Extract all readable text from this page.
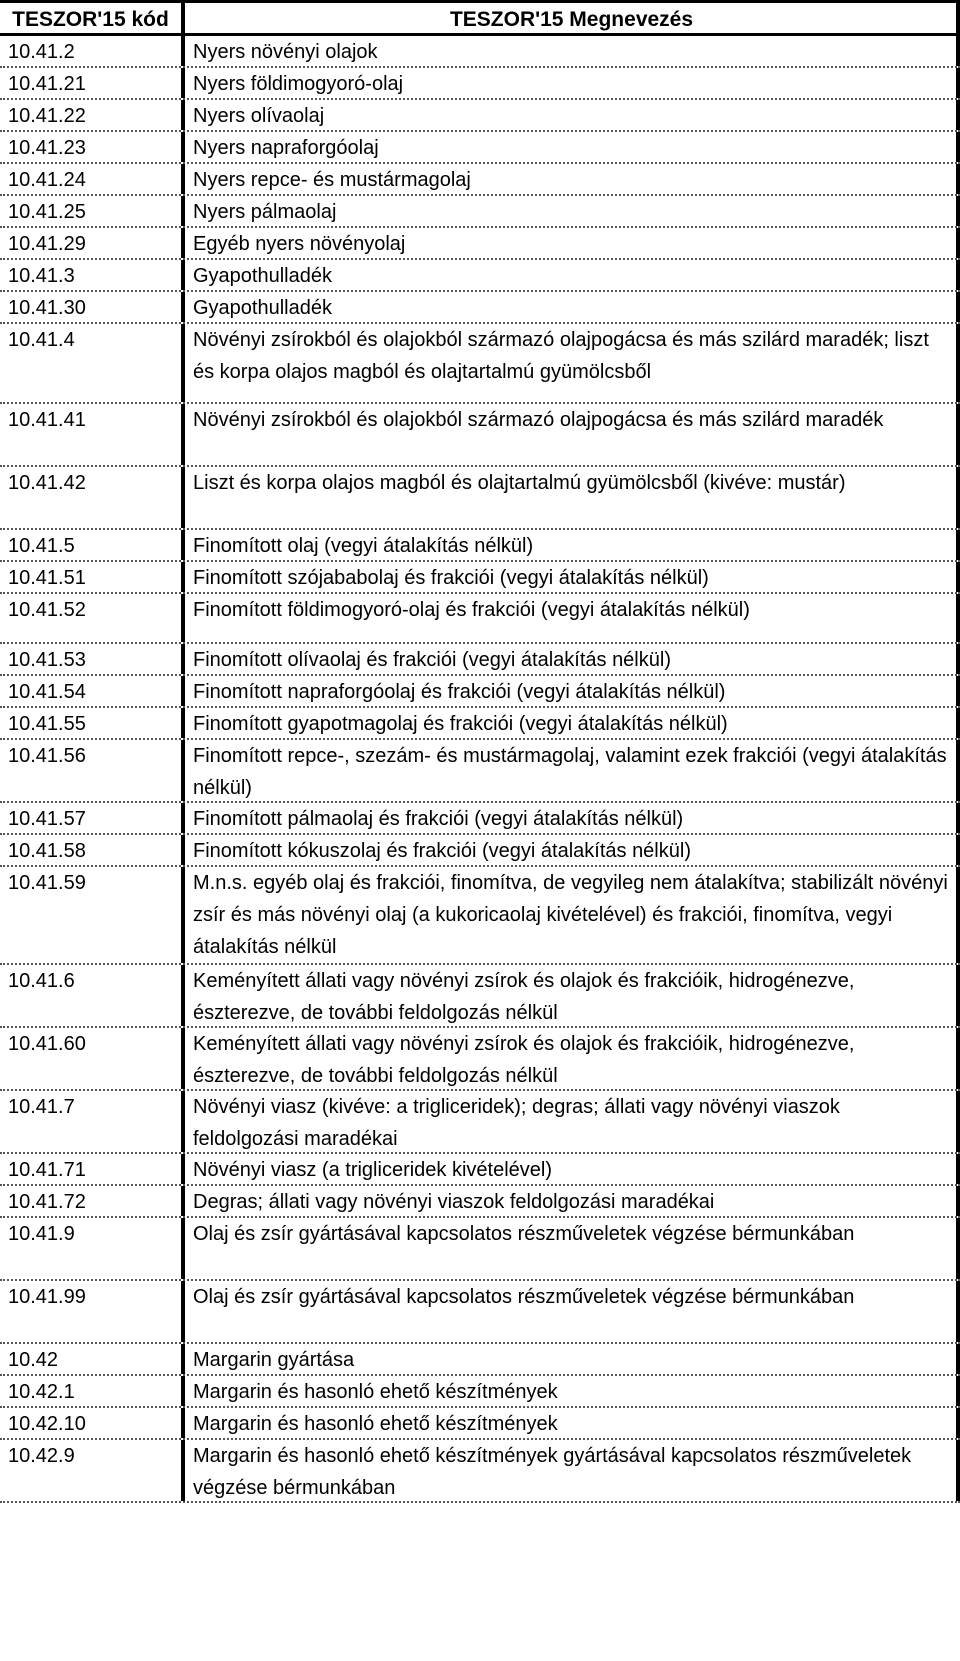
TESZOR'15 kód	TESZOR'15 Megnevezés
10.41.2	Nyers növényi olajok
10.41.21	Nyers földimogyoró-olaj
10.41.22	Nyers olívaolaj
10.41.23	Nyers napraforgóolaj
10.41.24	Nyers repce- és mustármagolaj
10.41.25	Nyers pálmaolaj
10.41.29	Egyéb nyers növényolaj
10.41.3	Gyapothulladék
10.41.30	Gyapothulladék
10.41.4	Növényi zsírokból és olajokból származó olajpogácsa és más szilárd maradék; liszt és korpa olajos magból és olajtartalmú gyümölcsből
10.41.41	Növényi zsírokból és olajokból származó olajpogácsa és más szilárd maradék
10.41.42	Liszt és korpa olajos magból és olajtartalmú gyümölcsből (kivéve: mustár)
10.41.5	Finomított olaj (vegyi átalakítás nélkül)
10.41.51	Finomított szójababolaj és frakciói (vegyi átalakítás nélkül)
10.41.52	Finomított földimogyoró-olaj és frakciói (vegyi átalakítás nélkül)
10.41.53	Finomított olívaolaj és frakciói (vegyi átalakítás nélkül)
10.41.54	Finomított napraforgóolaj és frakciói (vegyi átalakítás nélkül)
10.41.55	Finomított gyapotmagolaj és frakciói (vegyi átalakítás nélkül)
10.41.56	Finomított repce-, szezám- és mustármagolaj, valamint ezek frakciói (vegyi átalakítás nélkül)
10.41.57	Finomított pálmaolaj és frakciói (vegyi átalakítás nélkül)
10.41.58	Finomított kókuszolaj és frakciói (vegyi átalakítás nélkül)
10.41.59	M.n.s. egyéb olaj és frakciói, finomítva, de vegyileg nem átalakítva; stabilizált növényi zsír és más növényi olaj (a kukoricaolaj kivételével) és frakciói, finomítva, vegyi átalakítás nélkül
10.41.6	Keményített állati vagy növényi zsírok és olajok és frakcióik, hidrogénezve, észterezve, de további feldolgozás nélkül
10.41.60	Keményített állati vagy növényi zsírok és olajok és frakcióik, hidrogénezve, észterezve, de további feldolgozás nélkül
10.41.7	Növényi viasz (kivéve: a trigliceridek); degras; állati vagy növényi viaszok feldolgozási maradékai
10.41.71	Növényi viasz (a trigliceridek kivételével)
10.41.72	Degras; állati vagy növényi viaszok feldolgozási maradékai
10.41.9	Olaj és zsír gyártásával kapcsolatos részműveletek végzése bérmunkában
10.41.99	Olaj és zsír gyártásával kapcsolatos részműveletek végzése bérmunkában
10.42	Margarin gyártása
10.42.1	Margarin és hasonló ehető készítmények
10.42.10	Margarin és hasonló ehető készítmények
10.42.9	Margarin és hasonló ehető készítmények gyártásával kapcsolatos részműveletek végzése bérmunkában
